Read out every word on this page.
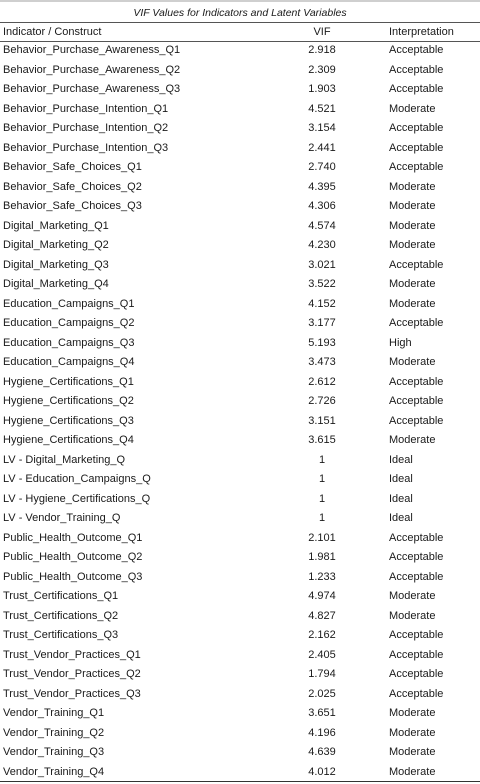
VIF Values for Indicators and Latent Variables
Indicator / Construct	VIF	Interpretation
Behavior_Purchase_Awareness_Q1	2.918	Acceptable
Behavior_Purchase_Awareness_Q2	2.309	Acceptable
Behavior_Purchase_Awareness_Q3	1.903	Acceptable
Behavior_Purchase_Intention_Q1	4.521	Moderate
Behavior_Purchase_Intention_Q2	3.154	Acceptable
Behavior_Purchase_Intention_Q3	2.441	Acceptable
Behavior_Safe_Choices_Q1	2.740	Acceptable
Behavior_Safe_Choices_Q2	4.395	Moderate
Behavior_Safe_Choices_Q3	4.306	Moderate
Digital_Marketing_Q1	4.574	Moderate
Digital_Marketing_Q2	4.230	Moderate
Digital_Marketing_Q3	3.021	Acceptable
Digital_Marketing_Q4	3.522	Moderate
Education_Campaigns_Q1	4.152	Moderate
Education_Campaigns_Q2	3.177	Acceptable
Education_Campaigns_Q3	5.193	High
Education_Campaigns_Q4	3.473	Moderate
Hygiene_Certifications_Q1	2.612	Acceptable
Hygiene_Certifications_Q2	2.726	Acceptable
Hygiene_Certifications_Q3	3.151	Acceptable
Hygiene_Certifications_Q4	3.615	Moderate
LV - Digital_Marketing_Q	1	Ideal
LV - Education_Campaigns_Q	1	Ideal
LV - Hygiene_Certifications_Q	1	Ideal
LV - Vendor_Training_Q	1	Ideal
Public_Health_Outcome_Q1	2.101	Acceptable
Public_Health_Outcome_Q2	1.981	Acceptable
Public_Health_Outcome_Q3	1.233	Acceptable
Trust_Certifications_Q1	4.974	Moderate
Trust_Certifications_Q2	4.827	Moderate
Trust_Certifications_Q3	2.162	Acceptable
Trust_Vendor_Practices_Q1	2.405	Acceptable
Trust_Vendor_Practices_Q2	1.794	Acceptable
Trust_Vendor_Practices_Q3	2.025	Acceptable
Vendor_Training_Q1	3.651	Moderate
Vendor_Training_Q2	4.196	Moderate
Vendor_Training_Q3	4.639	Moderate
Vendor_Training_Q4	4.012	Moderate
